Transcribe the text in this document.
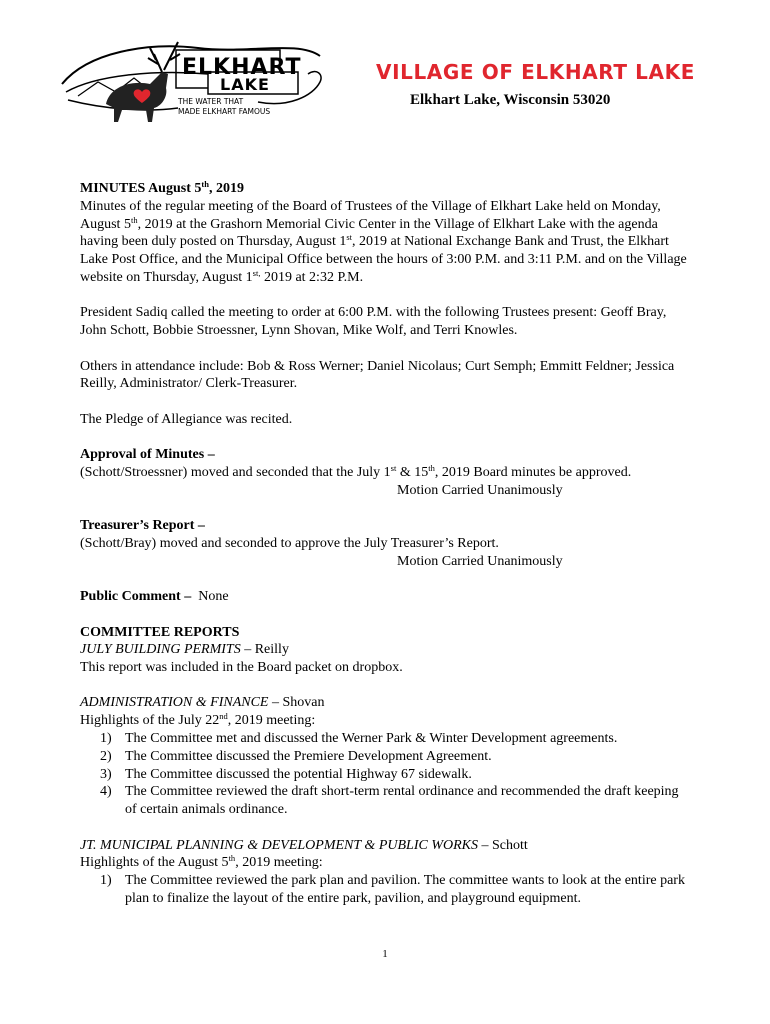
ELKHART
LAKE
THE WATER THAT
MADE ELKHART FAMOUS
VILLAGE OF ELKHART LAKE

Elkhart Lake, Wisconsin 53020

MINUTES August 5th, 2019

Minutes of the regular meeting of the Board of Trustees of the Village of Elkhart Lake held on Monday, August 5th, 2019 at the Grashorn Memorial Civic Center in the Village of Elkhart Lake with the agenda having been duly posted on Thursday, August 1st, 2019 at National Exchange Bank and Trust, the Elkhart Lake Post Office, and the Municipal Office between the hours of 3:00 P.M. and 3:11 P.M. and on the Village website on Thursday, August $1^{st,}$ 2019 at 2:32 P.M.

President Sadiq called the meeting to order at 6:00 P.M. with the following Trustees present: Geoff Bray, John Schott, Bobbie Stroessner, Lynn Shovan, Mike Wolf, and Terri Knowles.

Others in attendance include: Bob & Ross Werner; Daniel Nicolaus; Curt Semph; Emmitt Feldner; Jessica Reilly, Administrator/ Clerk-Treasurer.

The Pledge of Allegiance was recited.

Approval of Minutes –

(Schott/Stroessner) moved and seconded that the July 1st & 15th, 2019 Board minutes be approved.

Motion Carried Unanimously

Treasurer’s Report –

(Schott/Bray) moved and seconded to approve the July Treasurer’s Report.

Motion Carried Unanimously

Public Comment – None

COMMITTEE REPORTS

JULY BUILDING PERMITS – Reilly

This report was included in the Board packet on dropbox.

ADMINISTRATION & FINANCE – Shovan

Highlights of the July 22nd, 2019 meeting:

1) The Committee met and discussed the Werner Park & Winter Development agreements.
2) The Committee discussed the Premiere Development Agreement.
3) The Committee discussed the potential Highway 67 sidewalk.
4) The Committee reviewed the draft short-term rental ordinance and recommended the draft keeping of certain animals ordinance.

JT. MUNICIPAL PLANNING & DEVELOPMENT & PUBLIC WORKS – Schott

Highlights of the August 5th, 2019 meeting:

1) The Committee reviewed the park plan and pavilion. The committee wants to look at the entire park plan to finalize the layout of the entire park, pavilion, and playground equipment.
1
